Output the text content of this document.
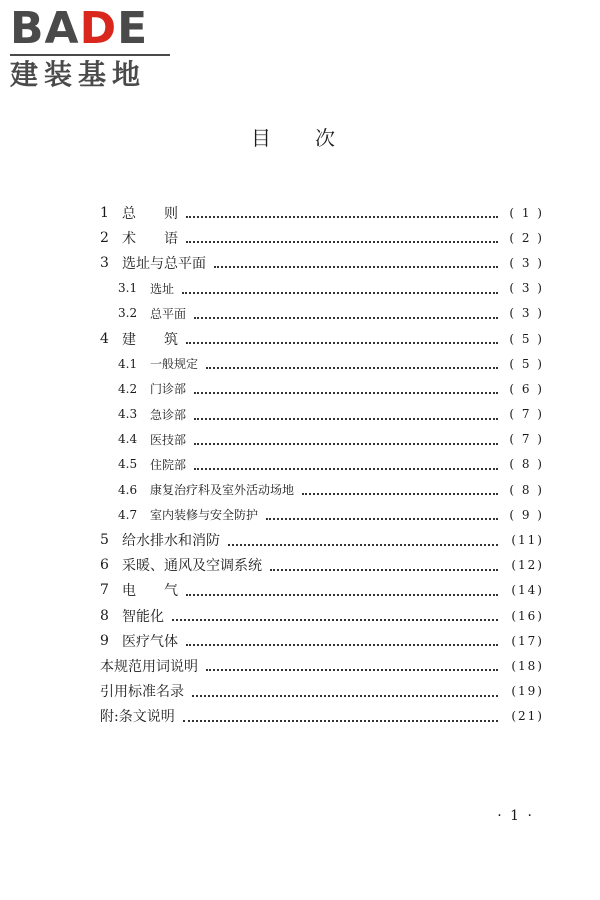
BADE
建装基地
目次
1 总　　则	( 1 )
2 术　　语	( 2 )
3 选址与总平面	( 3 )
3.1	选址	( 3 )
3.2	总平面	( 3 )
4 建　　筑	( 5 )
4.1	一般规定	( 5 )
4.2	门诊部	( 6 )
4.3	急诊部	( 7 )
4.4	医技部	( 7 )
4.5	住院部	( 8 )
4.6	康复治疗科及室外活动场地	( 8 )
4.7	室内装修与安全防护	( 9 )
5 给水排水和消防	(11)
6 采暖、通风及空调系统	(12)
7 电　　气	(14)
8 智能化	(16)
9 医疗气体	(17)
本规范用词说明	(18)
引用标准名录	(19)
附:条文说明	(21)
· 1 ·
